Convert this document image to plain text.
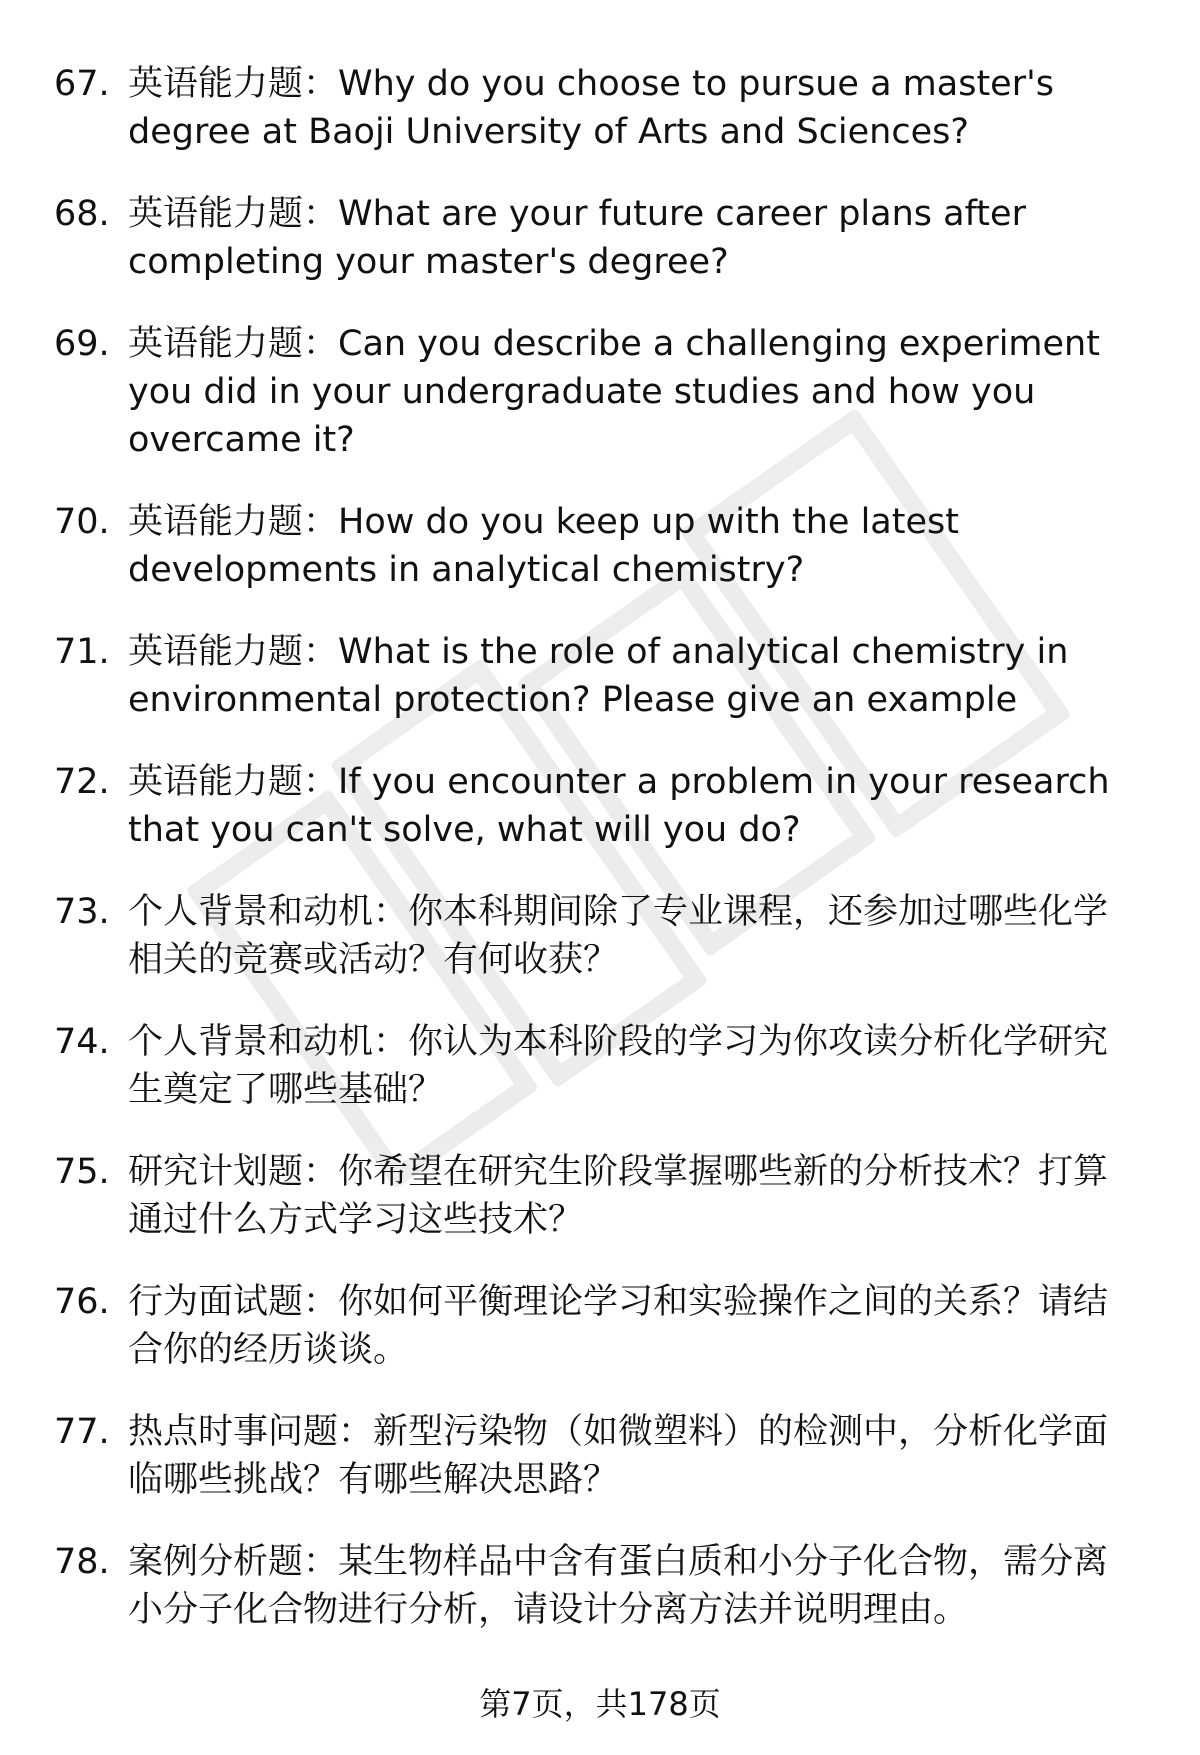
67. 英语能力题：Why do you choose to pursue a master's degree at Baoji University of Arts and Sciences?
68. 英语能力题：What are your future career plans after completing your master's degree?
69. 英语能力题：Can you describe a challenging experiment you did in your undergraduate studies and how you overcame it?
70. 英语能力题：How do you keep up with the latest developments in analytical chemistry?
71. 英语能力题：What is the role of analytical chemistry in environmental protection? Please give an example
72. 英语能力题：If you encounter a problem in your research that you can't solve, what will you do?
73. 个人背景和动机：你本科期间除了专业课程，还参加过哪些化学相关的竞赛或活动？有何收获？
74. 个人背景和动机：你认为本科阶段的学习为你攻读分析化学研究生奠定了哪些基础？
75. 研究计划题：你希望在研究生阶段掌握哪些新的分析技术？打算通过什么方式学习这些技术？
76. 行为面试题：你如何平衡理论学习和实验操作之间的关系？请结合你的经历谈谈。
77. 热点时事问题：新型污染物（如微塑料）的检测中，分析化学面临哪些挑战？有哪些解决思路？
78. 案例分析题：某生物样品中含有蛋白质和小分子化合物，需分离小分子化合物进行分析，请设计分离方法并说明理由。
第7页，共178页
